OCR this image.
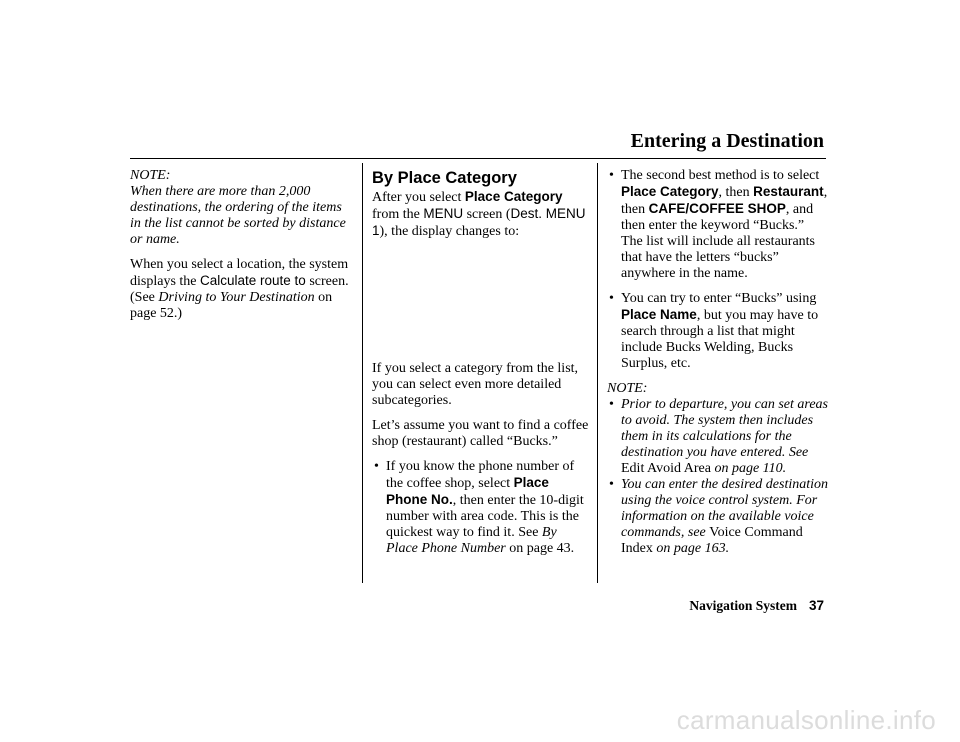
Entering a Destination

NOTE:
When there are more than 2,000 destinations, the ordering of the items in the list cannot be sorted by distance or name.

When you select a location, the system displays the Calculate route to screen. (See Driving to Your Destination on page 52.)

By Place Category

After you select Place Category from the MENU screen (Dest. MENU 1), the display changes to:

If you select a category from the list, you can select even more detailed subcategories.

Let’s assume you want to find a coffee shop (restaurant) called “Bucks.”

• If you know the phone number of the coffee shop, select Place Phone No., then enter the 10-digit number with area code. This is the quickest way to find it. See By Place Phone Number on page 43.
• The second best method is to select Place Category, then Restaurant, then CAFE/COFFEE SHOP, and then enter the keyword “Bucks.” The list will include all restaurants that have the letters “bucks” anywhere in the name.
• You can try to enter “Bucks” using Place Name, but you may have to search through a list that might include Bucks Welding, Bucks Surplus, etc.

NOTE:

• Prior to departure, you can set areas to avoid. The system then includes them in its calculations for the destination you have entered. See Edit Avoid Area on page 110.
• You can enter the desired destination using the voice control system. For information on the available voice commands, see Voice Command Index on page 163.
Navigation System 37
carmanualsonline.info
